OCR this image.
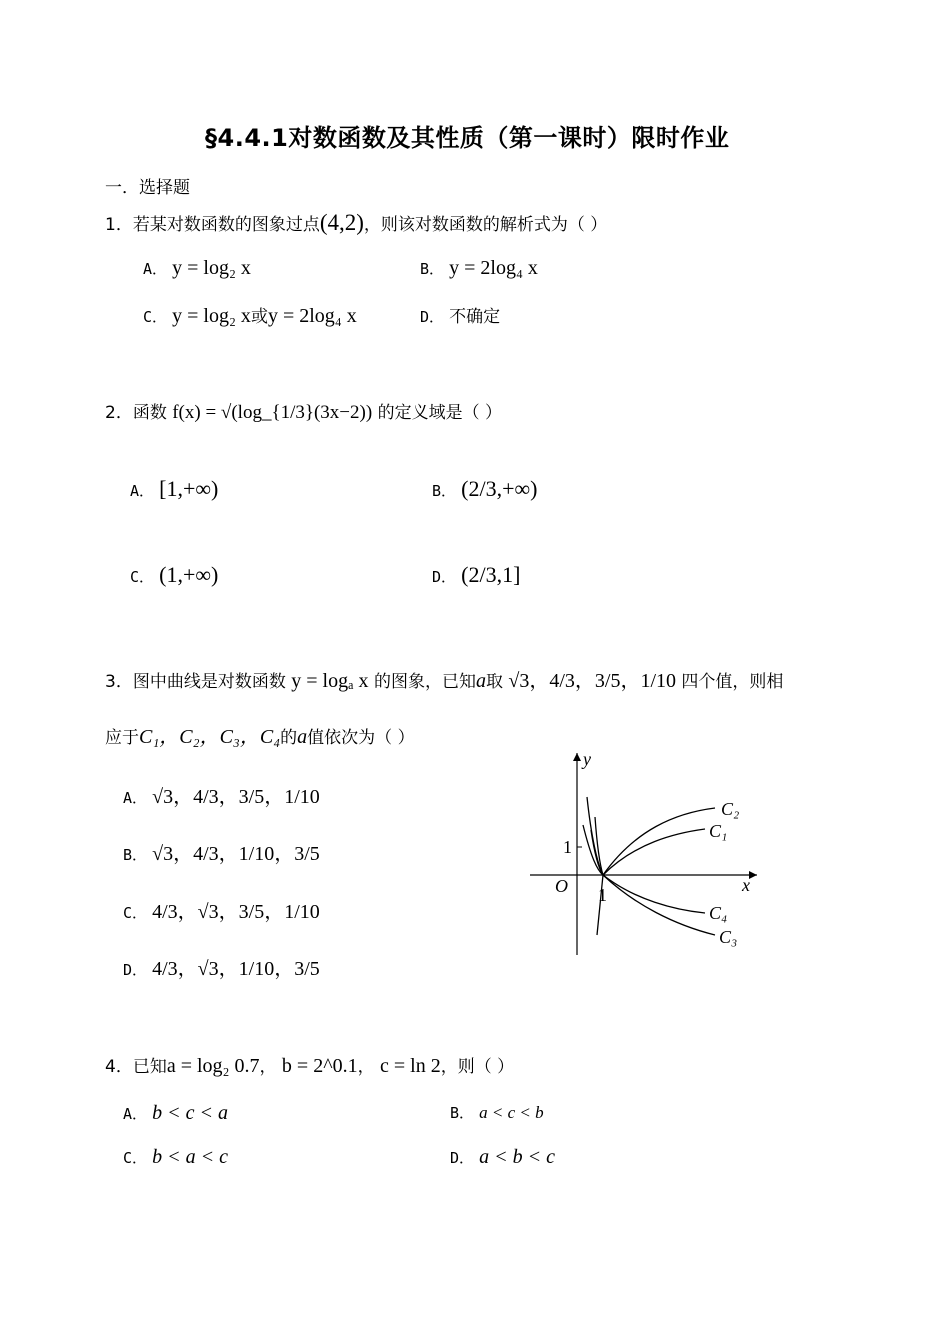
§4.4.1对数函数及其性质（第一课时）限时作业
一．选择题
1．若某对数函数的图象过点(4,2)，则该对数函数的解析式为（ ）
A． y = log₂ x	B． y = 2log₄ x
C． y = log₂ x或y = 2log₄ x	D． 不确定
2．函数 f(x) = √(log_{1/3}(3x−2)) 的定义域是（ ）
A． [1,+∞)	B． (2/3,+∞)
C． (1,+∞)	D． (2/3,1]
3．图中曲线是对数函数 y = logₐ x 的图象，已知a取 √3，4/3，3/5，1/10 四个值，则相
应于C₁，C₂，C₃，C₄的a值依次为（ ）
A． √3，4/3，3/5，1/10
B． √3，4/3，1/10，3/5
C． 4/3，√3，3/5，1/10
D． 4/3，√3，1/10，3/5
y
x
O 1
1
C₂
C₁
C₄
C₃
4．已知a = log₂ 0.7， b = 2^0.1， c = ln 2，则（ ）
A． b < c < a	B． a < c < b
C． b < a < c	D． a < b < c
